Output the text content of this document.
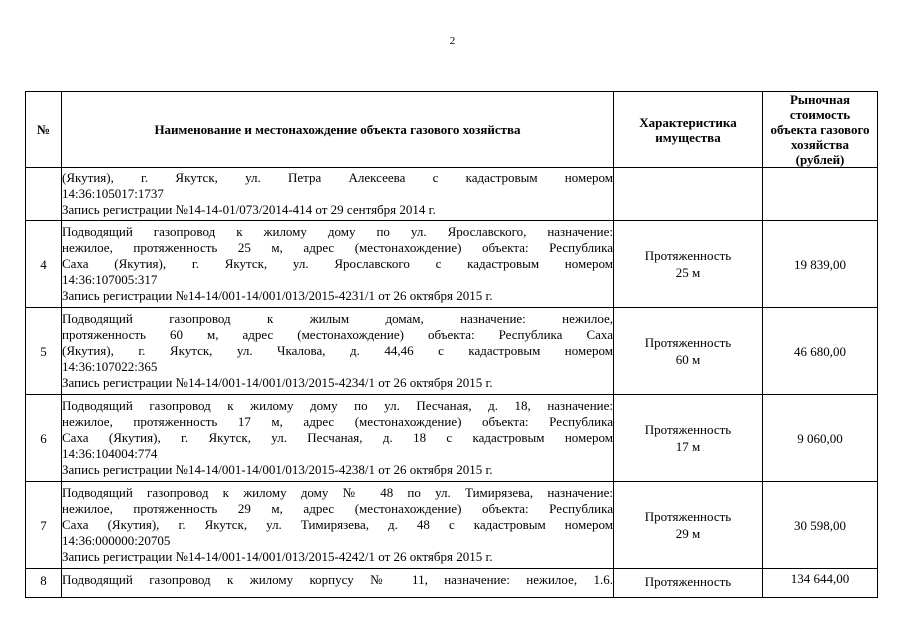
2
№	Наименование и местонахождение объекта газового хозяйства	Характеристика имущества	Рыночная стоимость объекта газового хозяйства (рублей)

	(Якутия), г. Якутск, ул. Петра Алексеева с кадастровым номером
14:36:105017:1737
Запись регистрации №14-14-01/073/2014-414 от 29 сентября 2014 г.		

4	Подводящий газопровод к жилому дому по ул. Ярославского, назначение:
нежилое, протяженность 25 м, адрес (местонахождение) объекта: Республика
Саха (Якутия), г. Якутск, ул. Ярославского с кадастровым номером
14:36:107005:317
Запись регистрации №14-14/001-14/001/013/2015-4231/1 от 26 октября 2015 г.	Протяженность
25 м	19 839,00
5	Подводящий газопровод к жилым домам, назначение: нежилое,
протяженность 60 м, адрес (местонахождение) объекта: Республика Саха
(Якутия), г. Якутск, ул. Чкалова, д. 44,46 с кадастровым номером
14:36:107022:365
Запись регистрации №14-14/001-14/001/013/2015-4234/1 от 26 октября 2015 г.	Протяженность
60 м	46 680,00
6	Подводящий газопровод к жилому дому по ул. Песчаная, д. 18, назначение:
нежилое, протяженность 17 м, адрес (местонахождение) объекта: Республика
Саха (Якутия), г. Якутск, ул. Песчаная, д. 18 с кадастровым номером
14:36:104004:774
Запись регистрации №14-14/001-14/001/013/2015-4238/1 от 26 октября 2015 г.	Протяженность
17 м	9 060,00
7	Подводящий газопровод к жилому дому № 48 по ул. Тимирязева, назначение:
нежилое, протяженность 29 м, адрес (местонахождение) объекта: Республика
Саха (Якутия), г. Якутск, ул. Тимирязева, д. 48 с кадастровым номером
14:36:000000:20705
Запись регистрации №14-14/001-14/001/013/2015-4242/1 от 26 октября 2015 г.	Протяженность
29 м	30 598,00
8	Подводящий газопровод к жилому корпусу № 11, назначение: нежилое, 1.6.	Протяженность	134 644,00
